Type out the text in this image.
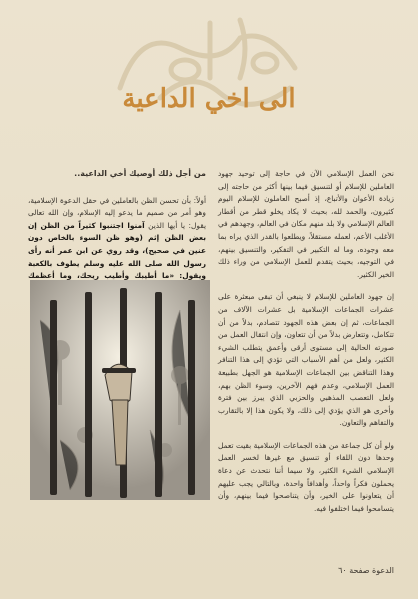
الى اخي الداعية
من أجل ذلك أوصيك أخي الداعية..
أولاً: بأن تحسن الظن بالعاملين في حقل الدعوة الإسلامية، وهو أمر من صميم ما يدعو إليه الإسلام، وإن الله تعالى يقول: يا أيها الذين آمنوا اجتنبوا كثيراً من الظن إن بعض الظن إثم (وهو ظن السوء بالخاص دون عنين في صحيح)، وقد روي عن ابن عمر أنه رأى رسول الله صلى الله عليه وسلم يطوف بالكعبة ويقول: «ما أطيبك وأطيب ريحك، وما أعظمك

نحن العمل الإسلامي الآن في حاجة إلى توحيد جهود العاملين للإسلام أو لتنسيق فيما بينها أكثر من حاجته إلى زيادة الأعوان والأتباع، إذ أصبح العاملون للإسلام اليوم كثيرون، والحمد لله، بحيث لا يكاد يخلو قطر من أقطار العالم الإسلامي ولا بلد منهم مكان في العالم، وجهدهم في الأغلب الأعم، لعمله مستقلاً، ويطلعوا بالقدر الذي يراه بما معه وجوده، وما له التكبير في التفكير، والتنسيق بينهم، في التوجيه، بحيث يتقدم للعمل الإسلامي من وراء ذلك الخير الكثير.

إن جهود العاملين للإسلام لا ينبغي أن تبقى مبعثرة على عشرات الجماعات الإسلامية بل عشرات الآلاف من الجماعات، ثم إن بعض هذه الجهود تتصادم، بدلاً من أن تتكامل، وتتعارض بدلاً من أن تتعاون، وإن انتقال العمل من صورته الحالية إلى مستوى أرقى وأعمق يتطلب الشيء الكثير، ولعل من أهم الأسباب التي تؤدي إلى هذا التنافر وهذا التناقض بين الجماعات الإسلامية هو الجهل بطبيعة العمل الإسلامي، وعدم فهم الآخرين، وسوء الظن بهم، ولعل التعصب المذهبي والحزبي الذي يبرز بين فترة وأخرى هو الذي يؤدي إلى ذلك، ولا يكون هذا إلا بالتقارب والتفاهم والتعاون.

ولو أن كل جماعة من هذه الجماعات الإسلامية بقيت تعمل وحدها دون اللقاء أو تنسيق مع غيرها لخسر العمل الإسلامي الشيء الكثير، ولا سيما أننا نتحدث عن دعاة يحملون فكراً واحداً، وأهدافاً واحدة، وبالتالي يجب عليهم أن يتعاونوا على الخير، وأن يتناصحوا فيما بينهم، وأن يتسامحوا فيما اختلفوا فيه.

الدعوة صفحة ٦٠
